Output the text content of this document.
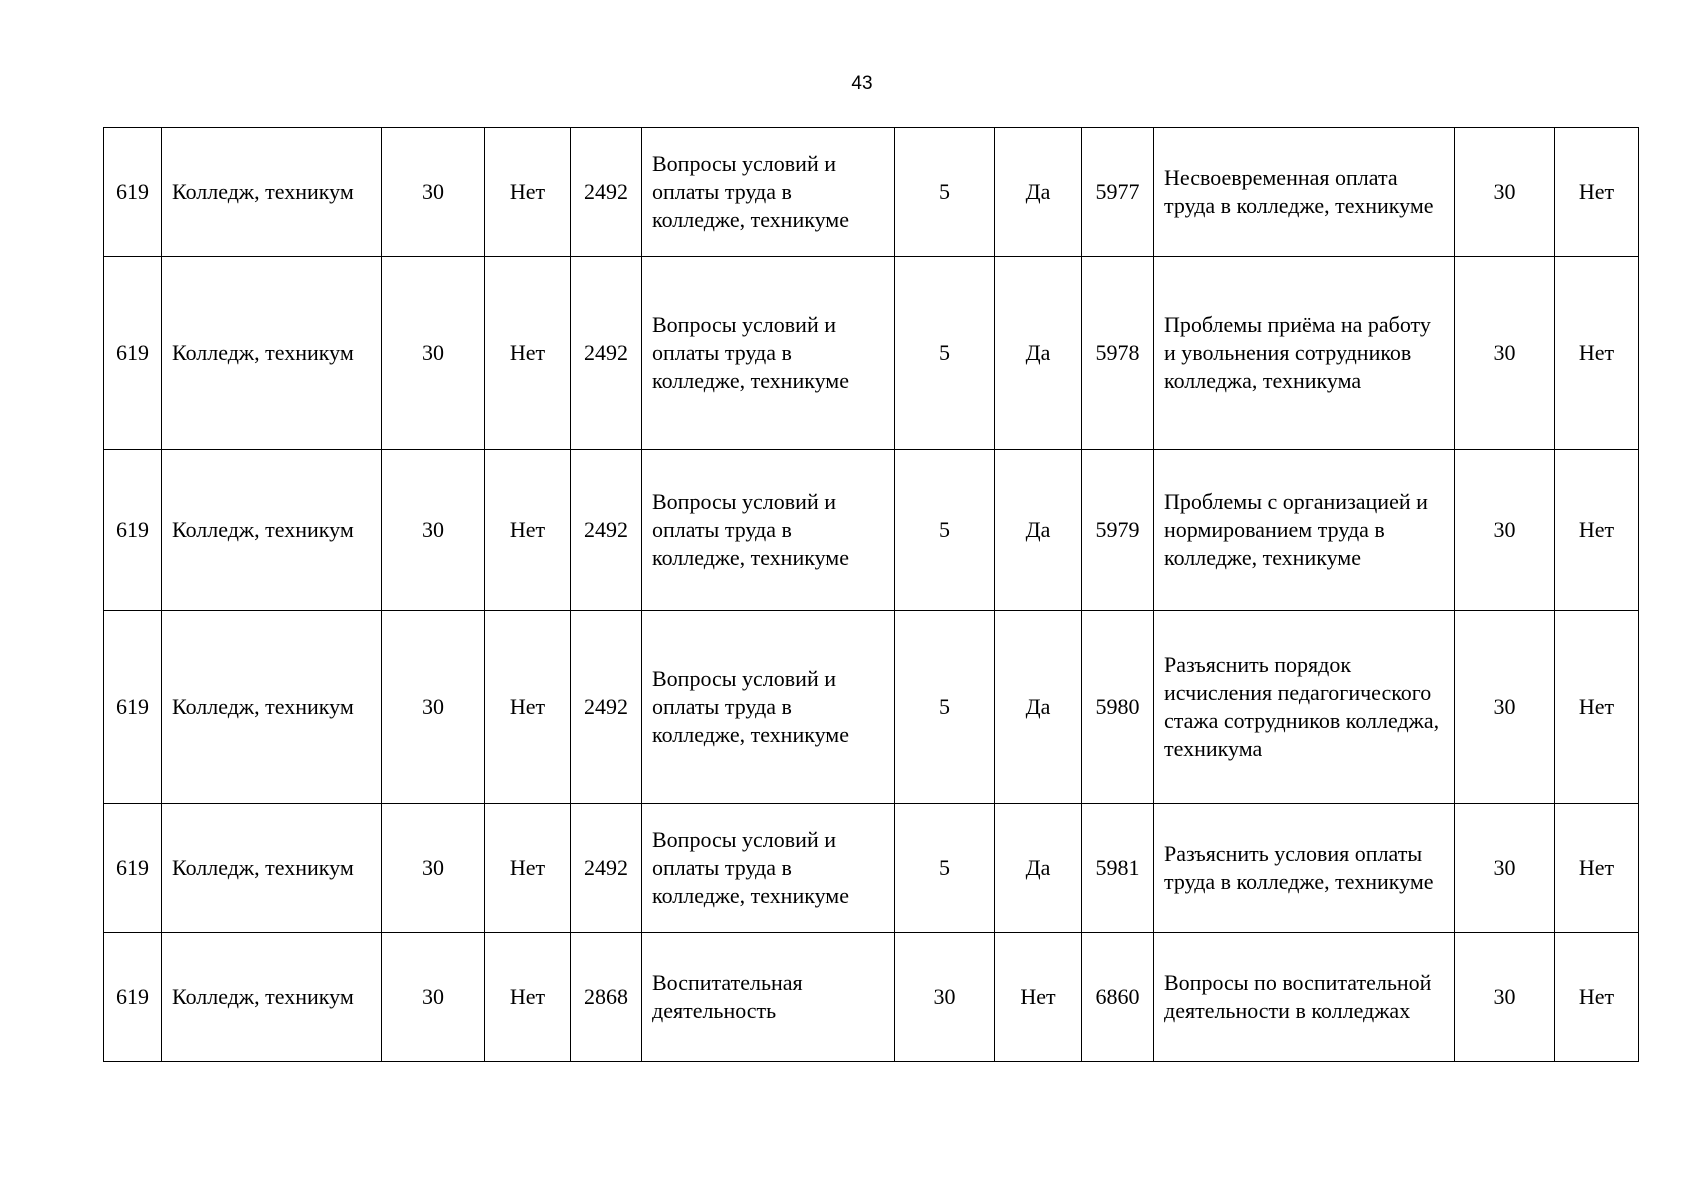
43
619	Колледж, техникум	30	Нет	2492	Вопросы условий и оплаты труда в колледже, техникуме	5	Да	5977	Несвоевременная оплата труда в колледже, техникуме	30	Нет
619	Колледж, техникум	30	Нет	2492	Вопросы условий и оплаты труда в колледже, техникуме	5	Да	5978	Проблемы приёма на работу и увольнения сотрудников колледжа, техникума	30	Нет
619	Колледж, техникум	30	Нет	2492	Вопросы условий и оплаты труда в колледже, техникуме	5	Да	5979	Проблемы с организацией и нормированием труда в колледже, техникуме	30	Нет
619	Колледж, техникум	30	Нет	2492	Вопросы условий и оплаты труда в колледже, техникуме	5	Да	5980	Разъяснить порядок исчисления педагогического стажа сотрудников колледжа, техникума	30	Нет
619	Колледж, техникум	30	Нет	2492	Вопросы условий и оплаты труда в колледже, техникуме	5	Да	5981	Разъяснить условия оплаты труда в колледже, техникуме	30	Нет
619	Колледж, техникум	30	Нет	2868	Воспитательная деятельность	30	Нет	6860	Вопросы по воспитательной деятельности в колледжах	30	Нет
